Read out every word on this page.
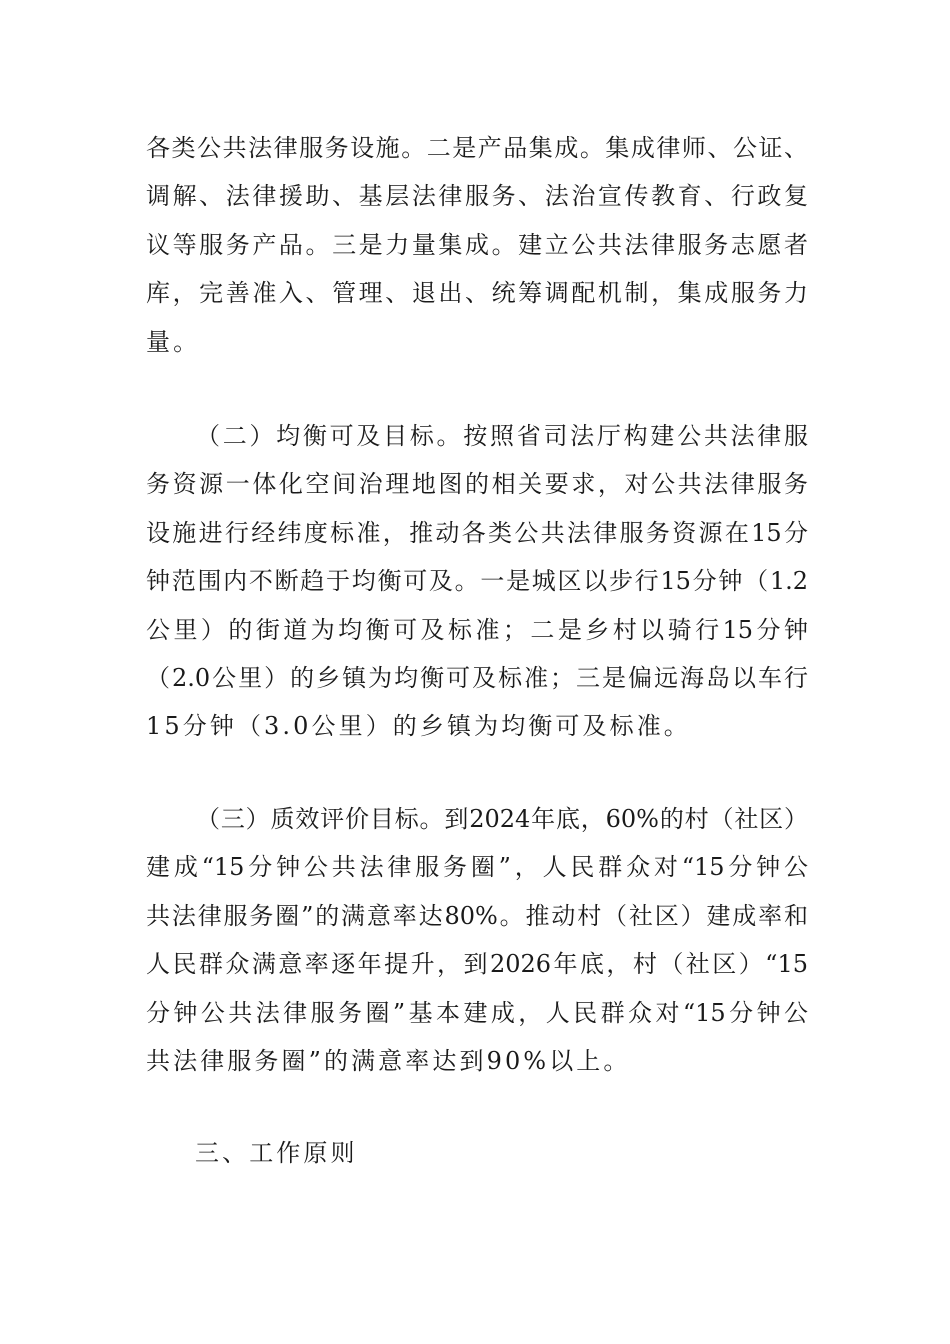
各类公共法律服务设施。二是产品集成。集成律师、公证、
调解、法律援助、基层法律服务、法治宣传教育、行政复
议等服务产品。三是力量集成。建立公共法律服务志愿者
库，完善准入、管理、退出、统筹调配机制，集成服务力
量。
（二）均衡可及目标。按照省司法厅构建公共法律服
务资源一体化空间治理地图的相关要求，对公共法律服务
设施进行经纬度标准，推动各类公共法律服务资源在15分
钟范围内不断趋于均衡可及。一是城区以步行15分钟（1.2
公里）的街道为均衡可及标准；二是乡村以骑行15分钟
（2.0公里）的乡镇为均衡可及标准；三是偏远海岛以车行
15分钟（3.0公里）的乡镇为均衡可及标准。
（三）质效评价目标。到2024年底，60%的村（社区）
建成“15分钟公共法律服务圈”，人民群众对“15分钟公
共法律服务圈”的满意率达80%。推动村（社区）建成率和
人民群众满意率逐年提升，到2026年底，村（社区）“15
分钟公共法律服务圈”基本建成，人民群众对“15分钟公
共法律服务圈”的满意率达到90%以上。
三、工作原则
